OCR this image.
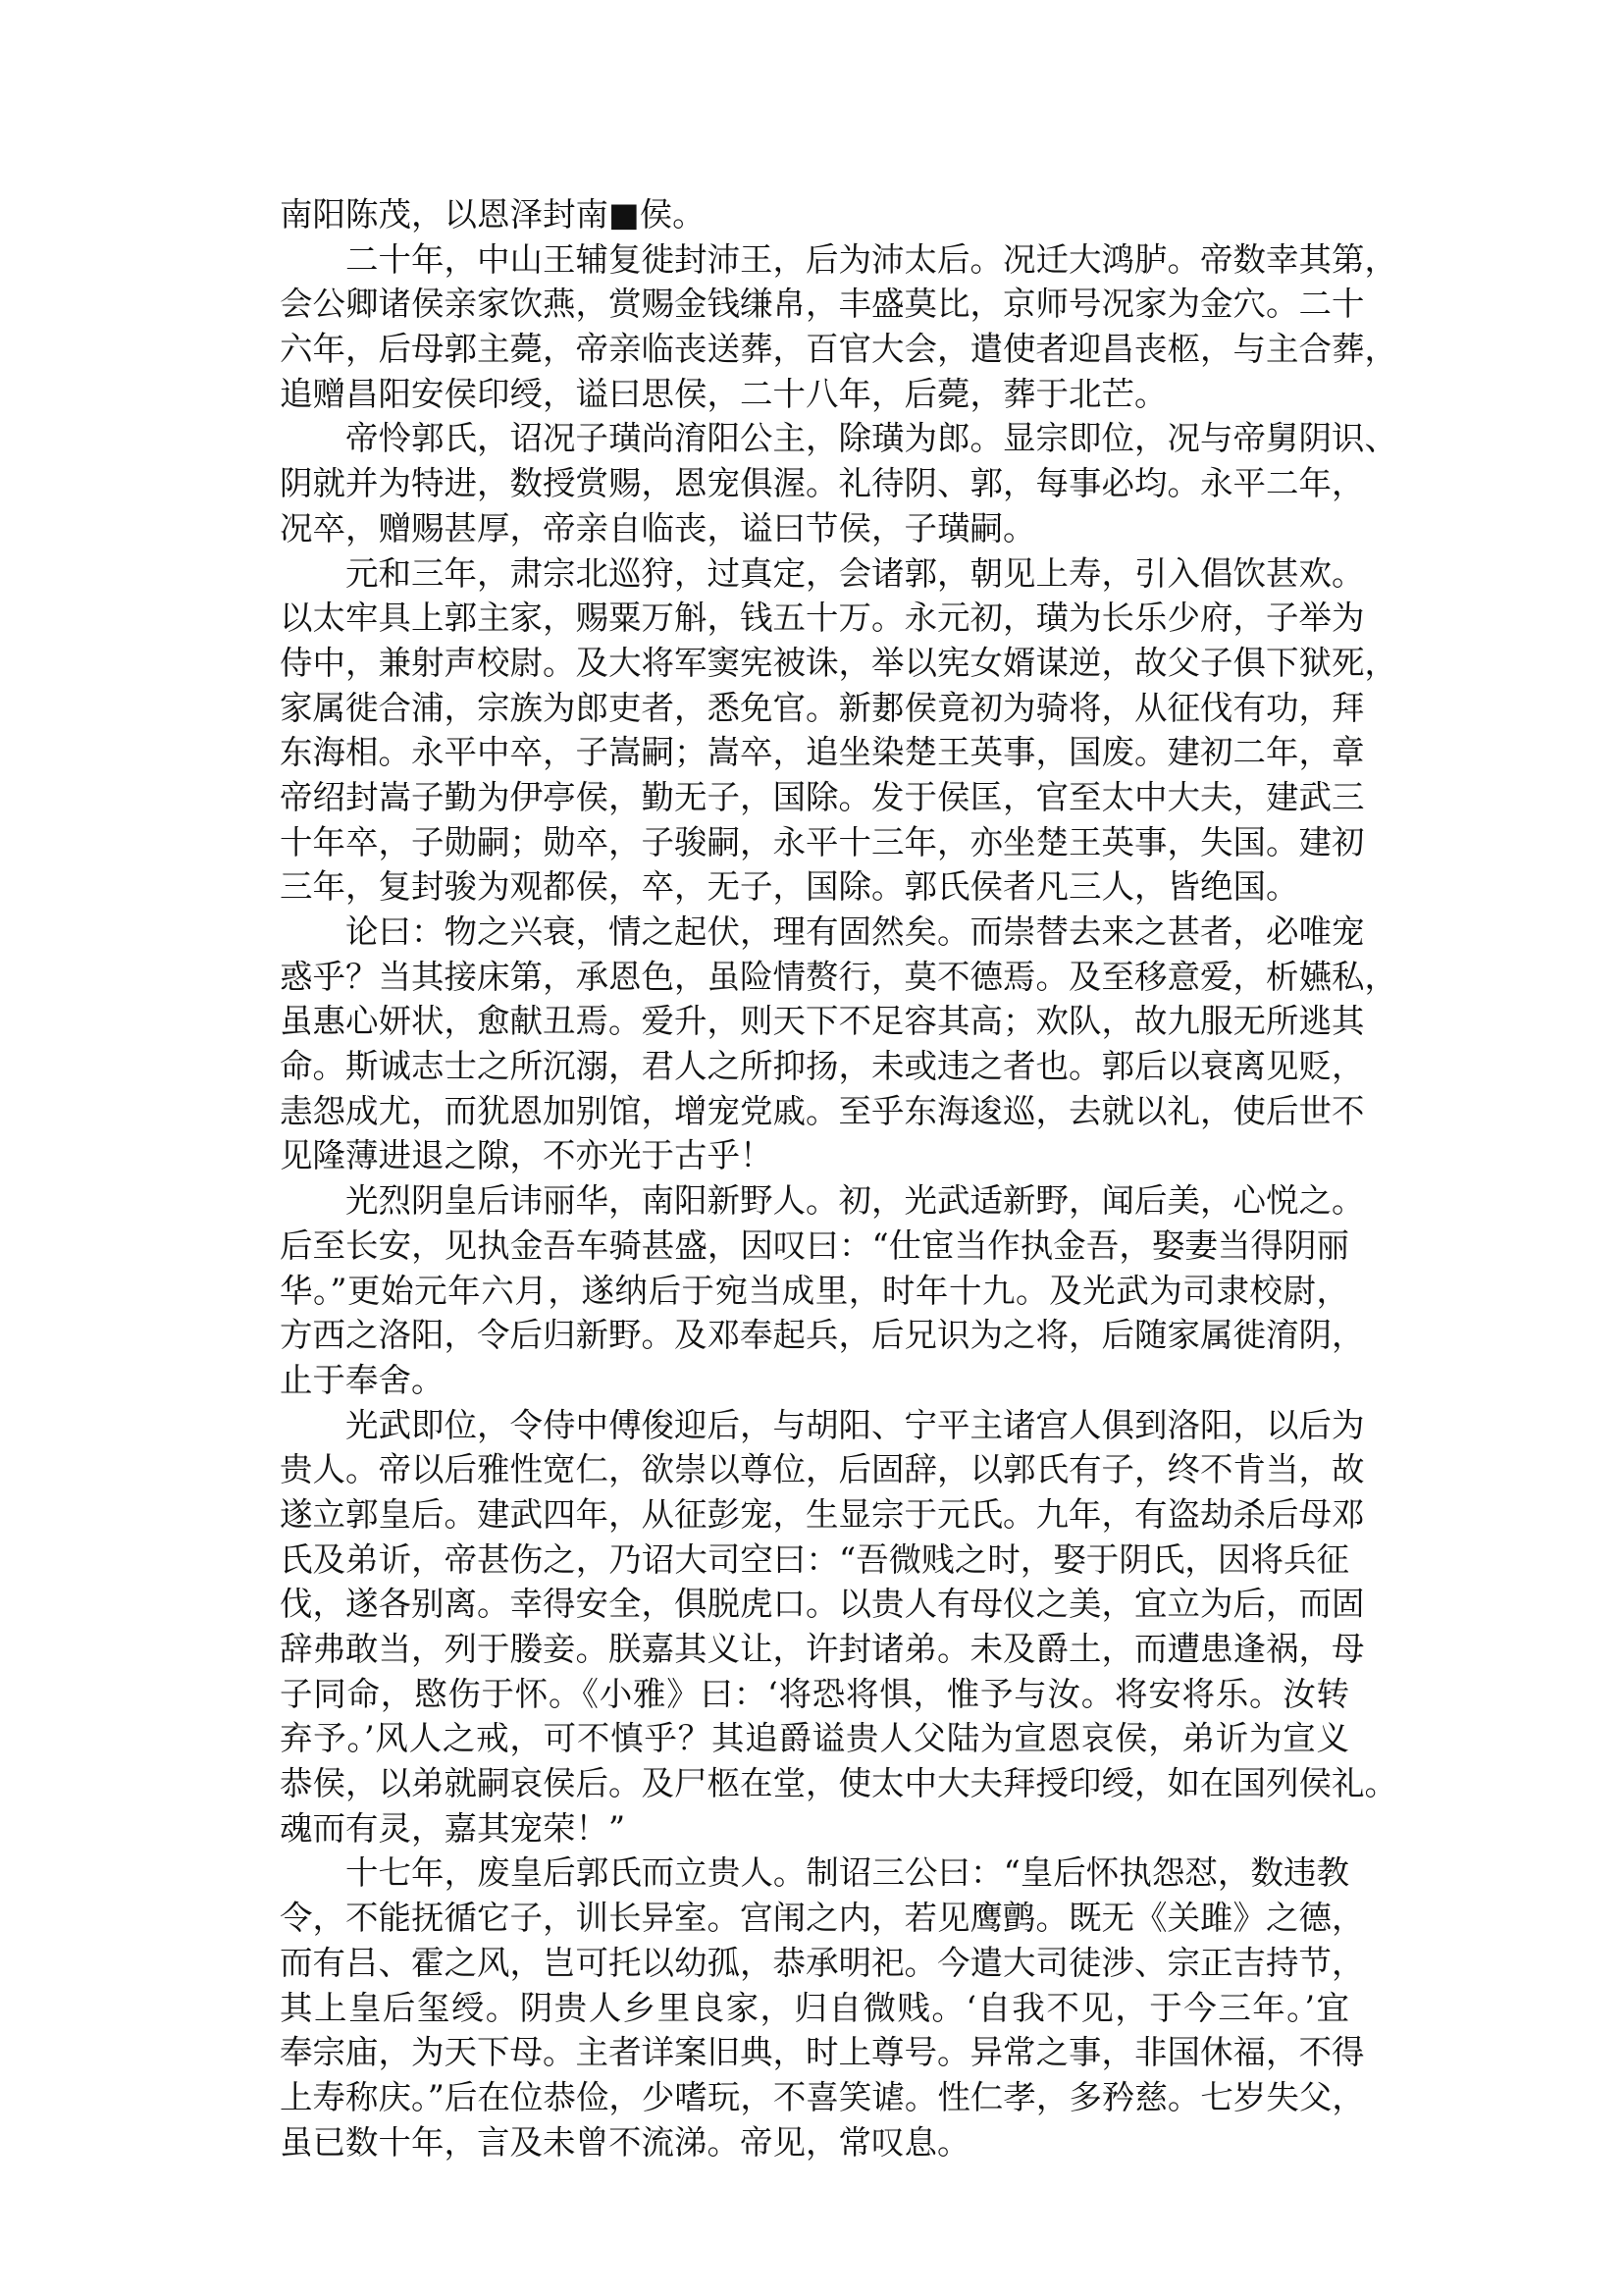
南阳陈茂，以恩泽封南■侯。
二十年，中山王辅复徙封沛王，后为沛太后。况迁大鸿胪。帝数幸其第，
会公卿诸侯亲家饮燕，赏赐金钱缣帛，丰盛莫比，京师号况家为金穴。二十
六年，后母郭主薨，帝亲临丧送葬，百官大会，遣使者迎昌丧柩，与主合葬，
追赠昌阳安侯印绶，谥曰思侯，二十八年，后薨，葬于北芒。
帝怜郭氏，诏况子璜尚淯阳公主，除璜为郎。显宗即位，况与帝舅阴识、
阴就并为特进，数授赏赐，恩宠俱渥。礼待阴、郭，每事必均。永平二年，
况卒，赠赐甚厚，帝亲自临丧，谥曰节侯，子璜嗣。
元和三年，肃宗北巡狩，过真定，会诸郭，朝见上寿，引入倡饮甚欢。
以太牢具上郭主家，赐粟万斛，钱五十万。永元初，璜为长乐少府，子举为
侍中，兼射声校尉。及大将军窦宪被诛，举以宪女婿谋逆，故父子俱下狱死，
家属徙合浦，宗族为郎吏者，悉免官。新郪侯竟初为骑将，从征伐有功，拜
东海相。永平中卒，子嵩嗣；嵩卒，追坐染楚王英事，国废。建初二年，章
帝绍封嵩子勤为伊亭侯，勤无子，国除。发于侯匡，官至太中大夫，建武三
十年卒，子勋嗣；勋卒，子骏嗣，永平十三年，亦坐楚王英事，失国。建初
三年，复封骏为观都侯，卒，无子，国除。郭氏侯者凡三人，皆绝国。
论曰：物之兴衰，情之起伏，理有固然矣。而崇替去来之甚者，必唯宠
惑乎？当其接床第，承恩色，虽险情赘行，莫不德焉。及至移意爱，析嬿私，
虽惠心妍状，愈献丑焉。爱升，则天下不足容其高；欢队，故九服无所逃其
命。斯诚志士之所沉溺，君人之所抑扬，未或违之者也。郭后以衰离见贬，
恚怨成尤，而犹恩加别馆，增宠党戚。至乎东海逡巡，去就以礼，使后世不
见隆薄进退之隙，不亦光于古乎！
光烈阴皇后讳丽华，南阳新野人。初，光武适新野，闻后美，心悦之。
后至长安，见执金吾车骑甚盛，因叹曰：“仕宦当作执金吾，娶妻当得阴丽
华。”更始元年六月，遂纳后于宛当成里，时年十九。及光武为司隶校尉，
方西之洛阳，令后归新野。及邓奉起兵，后兄识为之将，后随家属徙淯阴，
止于奉舍。
光武即位，令侍中傅俊迎后，与胡阳、宁平主诸宫人俱到洛阳，以后为
贵人。帝以后雅性宽仁，欲崇以尊位，后固辞，以郭氏有子，终不肯当，故
遂立郭皇后。建武四年，从征彭宠，生显宗于元氏。九年，有盗劫杀后母邓
氏及弟䜣，帝甚伤之，乃诏大司空曰：“吾微贱之时，娶于阴氏，因将兵征
伐，遂各别离。幸得安全，俱脱虎口。以贵人有母仪之美，宜立为后，而固
辞弗敢当，列于媵妾。朕嘉其义让，许封诸弟。未及爵土，而遭患逢祸，母
子同命，愍伤于怀。《小雅》曰：‘将恐将惧，惟予与汝。将安将乐。汝转
弃予。’风人之戒，可不慎乎？其追爵谥贵人父陆为宣恩哀侯，弟䜣为宣义
恭侯，以弟就嗣哀侯后。及尸柩在堂，使太中大夫拜授印绶，如在国列侯礼。
魂而有灵，嘉其宠荣！”
十七年，废皇后郭氏而立贵人。制诏三公曰：“皇后怀执怨怼，数违教
令，不能抚循它子，训长异室。宫闱之内，若见鹰鹯。既无《关雎》之德，
而有吕、霍之风，岂可托以幼孤，恭承明祀。今遣大司徒涉、宗正吉持节，
其上皇后玺绶。阴贵人乡里良家，归自微贱。‘自我不见，于今三年。’宜
奉宗庙，为天下母。主者详案旧典，时上尊号。异常之事，非国休福，不得
上寿称庆。”后在位恭俭，少嗜玩，不喜笑谑。性仁孝，多矜慈。七岁失父，
虽已数十年，言及未曾不流涕。帝见，常叹息。
